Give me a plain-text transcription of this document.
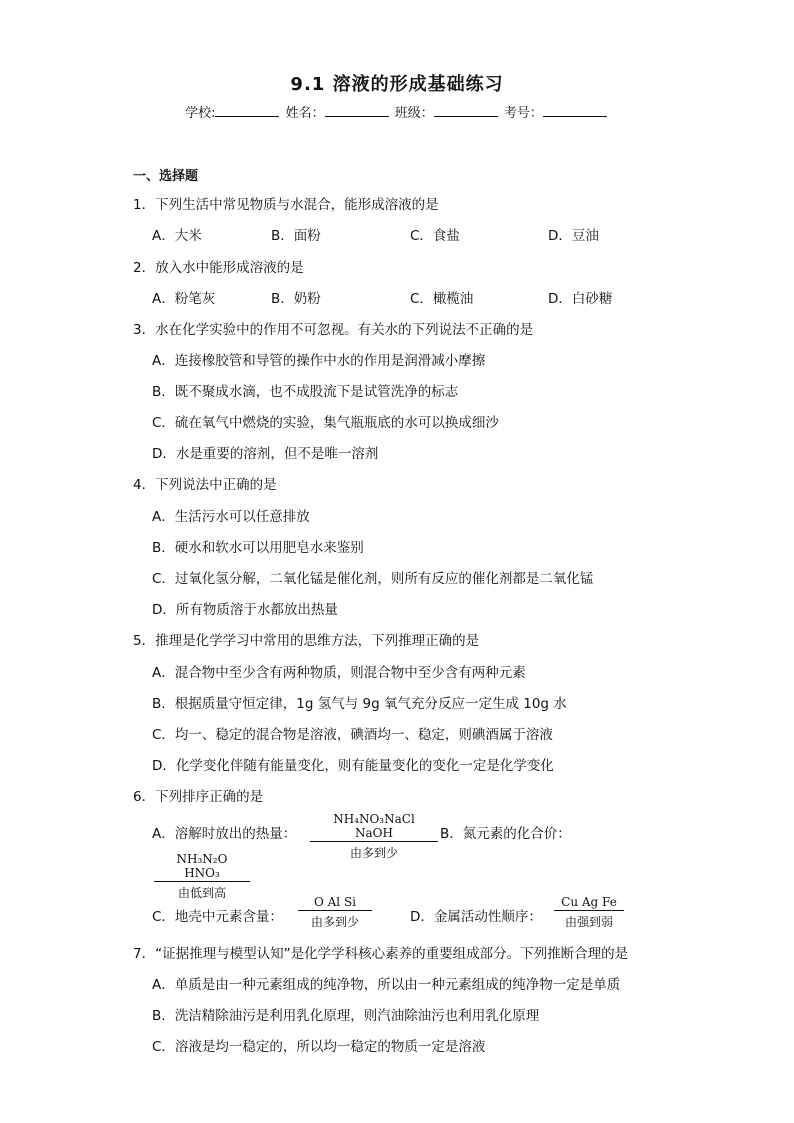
9.1 溶液的形成基础练习
学校:	姓名：	班级：	考号：
一、选择题
1．下列生活中常见物质与水混合，能形成溶液的是
A．大米	B．面粉	C．食盐	D．豆油
2．放入水中能形成溶液的是
A．粉笔灰	B．奶粉	C．橄榄油	D．白砂糖
3．水在化学实验中的作用不可忽视。有关水的下列说法不正确的是
A．连接橡胶管和导管的操作中水的作用是润滑减小摩擦
B．既不聚成水滴，也不成股流下是试管洗净的标志
C．硫在氧气中燃烧的实验，集气瓶瓶底的水可以换成细沙
D．水是重要的溶剂，但不是唯一溶剂
4．下列说法中正确的是
A．生活污水可以任意排放
B．硬水和软水可以用肥皂水来鉴别
C．过氧化氢分解，二氧化锰是催化剂，则所有反应的催化剂都是二氧化锰
D．所有物质溶于水都放出热量
5．推理是化学学习中常用的思维方法，下列推理正确的是
A．混合物中至少含有两种物质，则混合物中至少含有两种元素
B．根据质量守恒定律，1g 氢气与 9g 氧气充分反应一定生成 10g 水
C．均一、稳定的混合物是溶液，碘酒均一、稳定，则碘酒属于溶液
D．化学变化伴随有能量变化，则有能量变化的变化一定是化学变化
6．下列排序正确的是
A．溶解时放出的热量：
NH₄NO₃NaCl NaOH
由多到少
B．氮元素的化合价：
NH₃N₂O HNO₃
由低到高
C．地壳中元素含量：
O Al Si
由多到少	D．金属活动性顺序：
Cu Ag Fe
由强到弱
7．“证据推理与模型认知”是化学学科核心素养的重要组成部分。下列推断合理的是
A．单质是由一种元素组成的纯净物，所以由一种元素组成的纯净物一定是单质
B．洗洁精除油污是利用乳化原理，则汽油除油污也利用乳化原理
C．溶液是均一稳定的，所以均一稳定的物质一定是溶液
